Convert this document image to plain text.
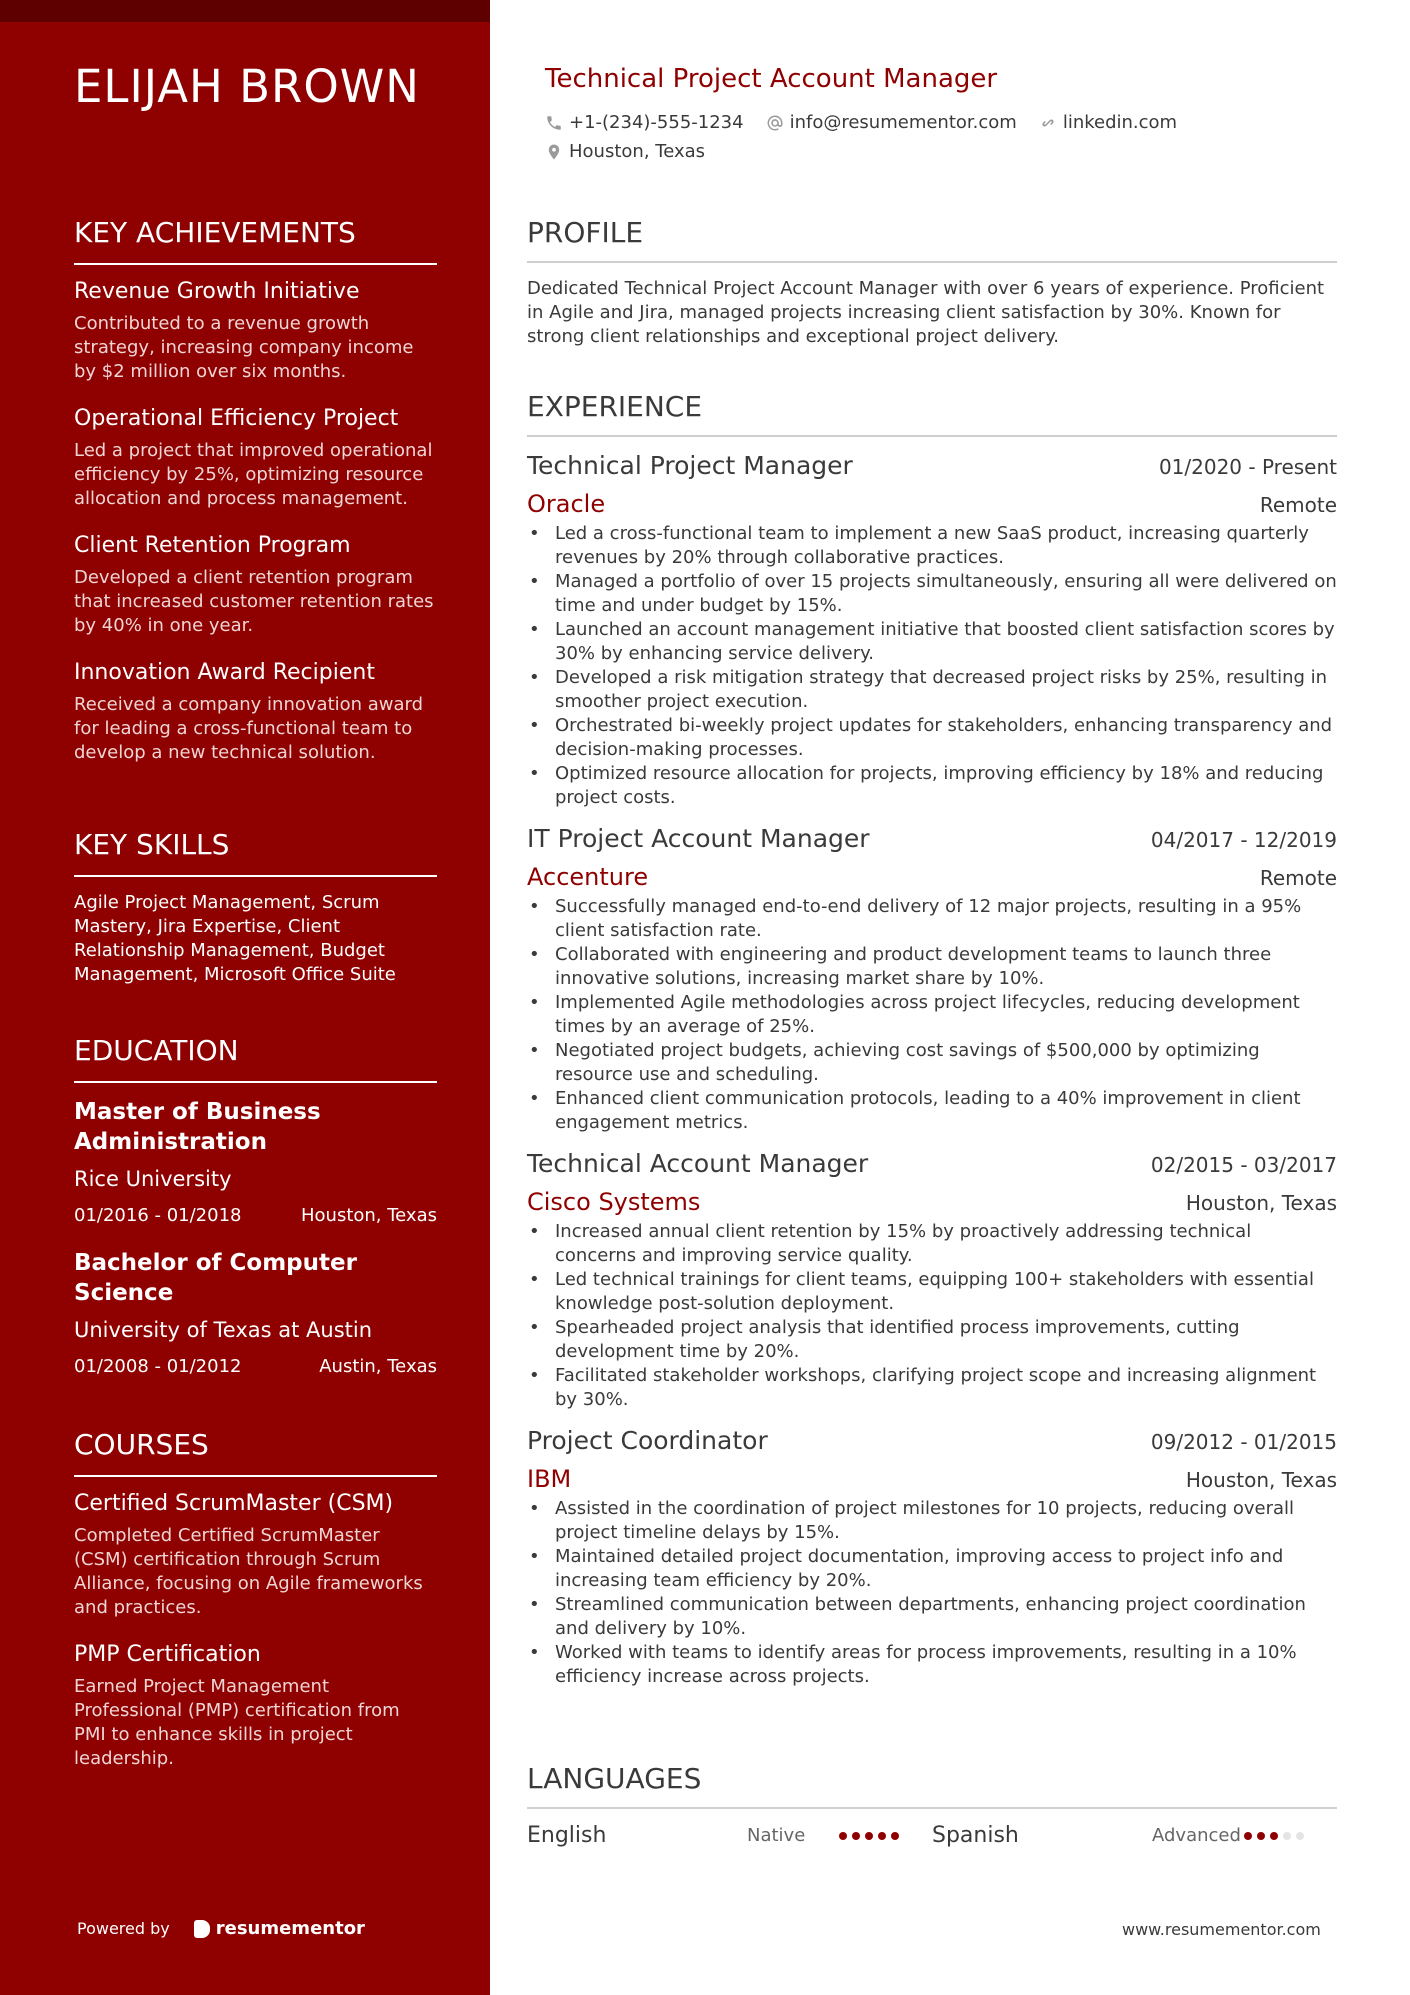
ELIJAH BROWN
KEY ACHIEVEMENTS
Revenue Growth Initiative
Contributed to a revenue growth strategy, increasing company income by $2 million over six months.
Operational Efficiency Project
Led a project that improved operational efficiency by 25%, optimizing resource allocation and process management.
Client Retention Program
Developed a client retention program that increased customer retention rates by 40% in one year.
Innovation Award Recipient
Received a company innovation award for leading a cross-functional team to develop a new technical solution.
KEY SKILLS
Agile Project Management, Scrum Mastery, Jira Expertise, Client Relationship Management, Budget Management, Microsoft Office Suite
EDUCATION
Master of Business Administration
Rice University
01/2016 - 01/2018	Houston, Texas
Bachelor of Computer Science
University of Texas at Austin
01/2008 - 01/2012	Austin, Texas
COURSES
Certified ScrumMaster (CSM)
Completed Certified ScrumMaster (CSM) certification through Scrum Alliance, focusing on Agile frameworks and practices.
PMP Certification
Earned Project Management Professional (PMP) certification from PMI to enhance skills in project leadership.
Powered by	resumementor
Technical Project Account Manager
+1-(234)-555-1234	info@resumementor.com	linkedin.com
Houston, Texas
PROFILE

Dedicated Technical Project Account Manager with over 6 years of experience. Proficient in Agile and Jira, managed projects increasing client satisfaction by 30%. Known for strong client relationships and exceptional project delivery.

EXPERIENCE
Technical Project Manager	01/2020 - Present
Oracle	Remote
• Led a cross-functional team to implement a new SaaS product, increasing quarterly revenues by 20% through collaborative practices.
• Managed a portfolio of over 15 projects simultaneously, ensuring all were delivered on time and under budget by 15%.
• Launched an account management initiative that boosted client satisfaction scores by 30% by enhancing service delivery.
• Developed a risk mitigation strategy that decreased project risks by 25%, resulting in smoother project execution.
• Orchestrated bi-weekly project updates for stakeholders, enhancing transparency and decision-making processes.
• Optimized resource allocation for projects, improving efficiency by 18% and reducing project costs.
IT Project Account Manager	04/2017 - 12/2019
Accenture	Remote
• Successfully managed end-to-end delivery of 12 major projects, resulting in a 95% client satisfaction rate.
• Collaborated with engineering and product development teams to launch three innovative solutions, increasing market share by 10%.
• Implemented Agile methodologies across project lifecycles, reducing development times by an average of 25%.
• Negotiated project budgets, achieving cost savings of $500,000 by optimizing resource use and scheduling.
• Enhanced client communication protocols, leading to a 40% improvement in client engagement metrics.
Technical Account Manager	02/2015 - 03/2017
Cisco Systems	Houston, Texas
• Increased annual client retention by 15% by proactively addressing technical concerns and improving service quality.
• Led technical trainings for client teams, equipping 100+ stakeholders with essential knowledge post-solution deployment.
• Spearheaded project analysis that identified process improvements, cutting development time by 20%.
• Facilitated stakeholder workshops, clarifying project scope and increasing alignment by 30%.
Project Coordinator	09/2012 - 01/2015
IBM	Houston, Texas
• Assisted in the coordination of project milestones for 10 projects, reducing overall project timeline delays by 15%.
• Maintained detailed project documentation, improving access to project info and increasing team efficiency by 20%.
• Streamlined communication between departments, enhancing project coordination and delivery by 10%.
• Worked with teams to identify areas for process improvements, resulting in a 10% efficiency increase across projects.
LANGUAGES
English	Native	Spanish	Advanced
www.resumementor.com
